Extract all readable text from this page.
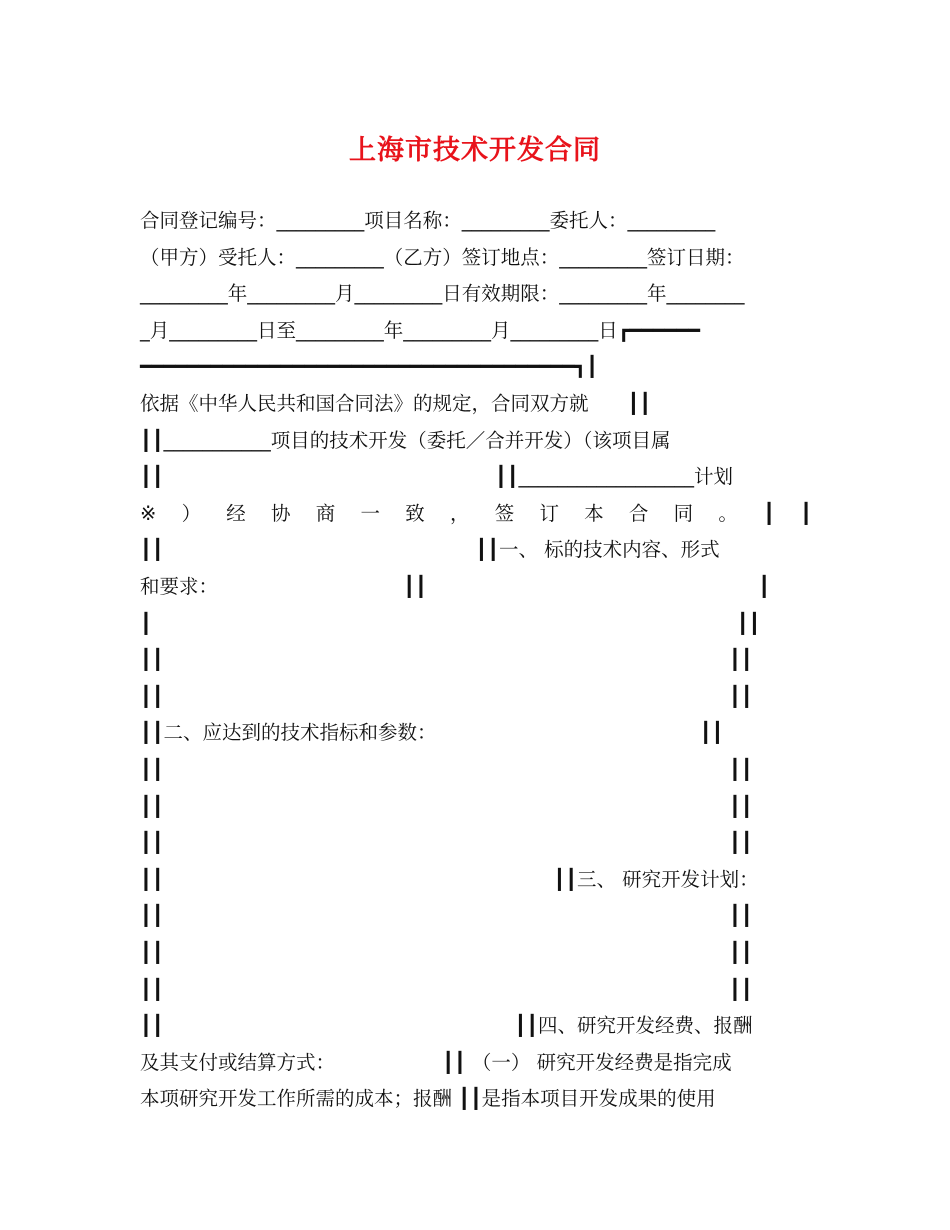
上海市技术开发合同
合同登记编号：_________项目名称：_________委托人：_________
（甲方）受托人：_________（乙方）签订地点：_________签订日期：
_________年_________月_________日有效期限：_________年________
_月_________日至_________年_________月_________日┏━━━━━━
━━━━━━━━━━━━━━━━━━━━━━━━━━━━━━━━━━━━━┓┃
依据《中华人民共和国合同法》的规定，合同双方就　　┃┃
┃┃___________项目的技术开发（委托／合并开发）（该项目属
┃┃　　　　　　　　　　　　　　　　　┃┃__________________计划
※ ） 经 协 商 一 致 ， 签 订 本 合 同 。 ┃ ┃
┃┃　　　　　　　　　　　　　　　　┃┃一、 标的技术内容、形式
和要求：　　　　　　　　　　┃┃　　　　　　　　　　　　　　　　　┃
┃　　　　　　　　　　　　　　　　　　　　　　　　　　　　　　┃┃
┃┃　　　　　　　　　　　　　　　　　　　　　　　　　　　　　┃┃
┃┃　　　　　　　　　　　　　　　　　　　　　　　　　　　　　┃┃
┃┃二、应达到的技术指标和参数：　　　　　　　　　　　　　　┃┃
┃┃　　　　　　　　　　　　　　　　　　　　　　　　　　　　　┃┃
┃┃　　　　　　　　　　　　　　　　　　　　　　　　　　　　　┃┃
┃┃　　　　　　　　　　　　　　　　　　　　　　　　　　　　　┃┃
┃┃　　　　　　　　　　　　　　　　　　　　┃┃三、 研究开发计划：
┃┃　　　　　　　　　　　　　　　　　　　　　　　　　　　　　┃┃
┃┃　　　　　　　　　　　　　　　　　　　　　　　　　　　　　┃┃
┃┃　　　　　　　　　　　　　　　　　　　　　　　　　　　　　┃┃
┃┃　　　　　　　　　　　　　　　　　　┃┃四、研究开发经费、报酬
及其支付或结算方式：　　　　　　┃┃ （一） 研究开发经费是指完成
本项研究开发工作所需的成本；报酬 ┃┃是指本项目开发成果的使用
